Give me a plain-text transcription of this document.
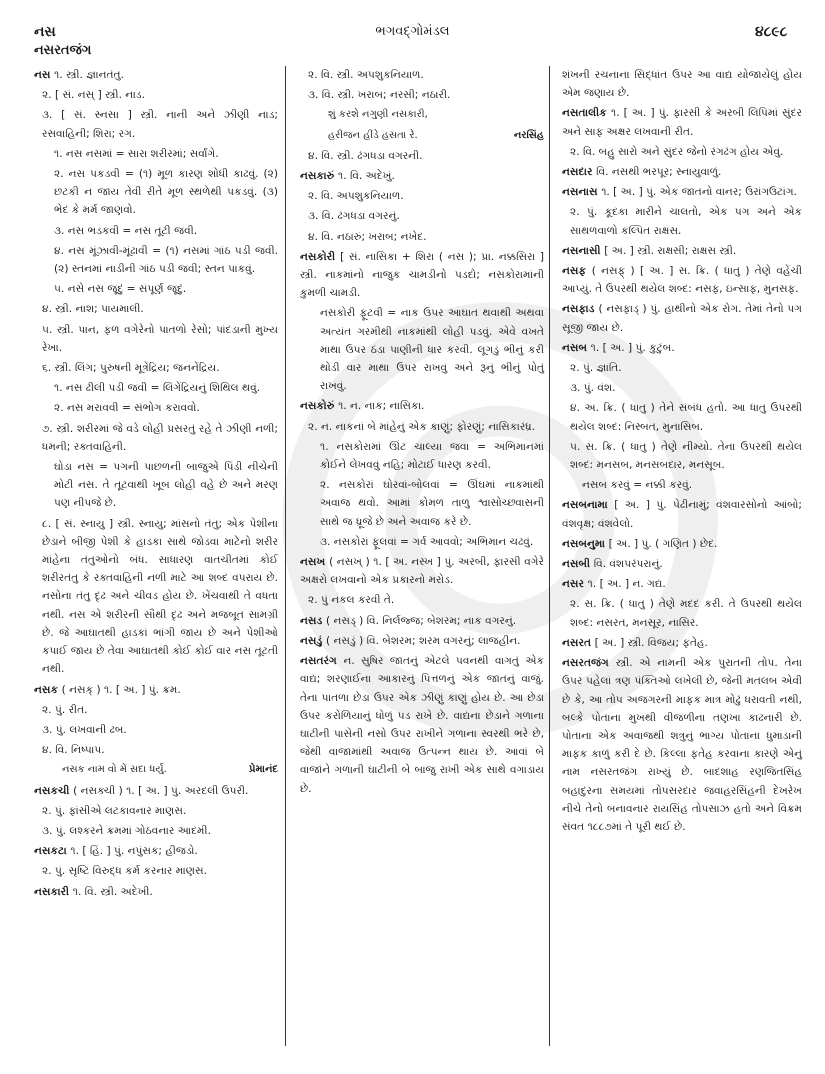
નસ	ભગવદ્ગોમંડલ	૪૮૯૮
નસરતજંગ
નસ ૧. સ્ત્રી. જ્ઞાનતંતુ.
૨. [ સં. નસ્ ] સ્ત્રી. નાડ.
૩. [ સં. સ્નસા ] સ્ત્રી. નાની અને ઝીણી નાડ; રસવાહિની; શિરા; રગ.
૧. નસ નસમાં = સારા શરીરમાં; સર્વાંગે.
૨. નસ પકડવી = (૧) મૂળ કારણ શોધી કાઢવું. (૨) છટકી ન જાય તેવી રીતે મૂળ સ્થળેથી પકડવું. (૩) ભેદ કે મર્મ જાણવો.
૩. નસ ભડકવી = નસ તૂટી જવી.
૪. નસ મૂંઝાવી-મૂંઢાવી = (૧) નસમાં ગાંઠ પડી જવી. (૨) સ્તનમાં નાડીની ગાંઠ પડી જવી; સ્તન પાકવું.
૫. નસે નસ જૂદું = સંપૂર્ણ જૂદું.
૪. સ્ત્રી. નાશ; પાયમાલી.
૫. સ્ત્રી. પાન, ફળ વગેરેનો પાતળો રેસો; પાંદડાની મુખ્ય રેખા.
૬. સ્ત્રી. લિંગ; પુરુષની મૂત્રેંદ્રિય; જનનેંદ્રિય.
૧. નસ ઢીલી પડી જવી = લિંગેંદ્રિયનું શિથિલ થવું.
૨. નસ મરાવવી = સંભોગ કરાવવો.
૭. સ્ત્રી. શરીરમાં જે વડે લોહી પ્રસરતું રહે તે ઝીણી નળી; ધમની; રક્તવાહિની.
ઘોડા નસ = પગની પાછળની બાજુએ પિંડી નીચેની મોટી નસ. તે તૂટવાથી ખૂબ લોહી વહે છે અને મરણ પણ નીપજે છે.
૮. [ સં. સ્નાયુ ] સ્ત્રી. સ્નાયુ; માંસનો તંતુ; એક પેશીના છેડાને બીજી પેશી કે હાડકા સાથે જોડવા માટેનો શરીર માંહેના તંતુઓનો બંધ. સાધારણ વાતચીતમાં કોઈ શરીરતંતુ કે રક્તવાહિની નળી માટે આ શબ્દ વપરાય છે. નસોના તંતુ દૃઢ અને ચીવડ હોય છે. ખેંચવાથી તે વધતા નથી. નસ એ શરીરની સૌથી દૃઢ અને મજબૂત સામગ્રી છે. જે આઘાતથી હાડકાં ભાંગી જાય છે અને પેશીઓ કપાઈ જાય છે તેવા આઘાતથી કોઈ કોઈ વાર નસ તૂટતી નથી.
નસક ( નસક્ ) ૧. [ અ. ] પું. ક્રમ.
૨. પું. રીત.
૩. પું. લખવાની ઢબ.
૪. વિ. નિષ્પાપ.
નસક નામ વો મેં સદા ધર્યું.	પ્રેમાનંદ
નસકચી ( નસક્ચી ) ૧. [ અ. ] પું. અરદલી ઉપરી.
૨. પું. ફાંસીએ લટકાવનાર માણસ.
૩. પું. લશ્કરને ક્રમમાં ગોઠવનાર આદમી.
નસકટા ૧. [ હિં. ] પું. નપુંસક; હીજડો.
૨. પું. સૃષ્ટિ વિરુદ્ધ કર્મ કરનાર માણસ.
નસકારી ૧. વિ. સ્ત્રી. અદેખી.
૨. વિ. સ્ત્રી. અપશુકનિયાળ.
૩. વિ. સ્ત્રી. ખરાબ; નરસી; નઠારી.
શું કરશે નગુણી નસકારી,
હરીજન હીંડે હસતા રે.	નરસિંહ
૪. વિ. સ્ત્રી. ઢંગધડા વગરની.
નસકારું ૧. વિ. અદેખું.
૨. વિ. અપશુકનિયાળ.
૩. વિ. ઢંગધડા વગરનું.
૪. વિ. નઠારું; ખરાબ; નખેદ.
નસકોરી [ સં. નાસિકા + શિરા ( નસ ); પ્રા. નક્કસિરા ] સ્ત્રી. નાકમાંનો નાજુક ચામડીનો પડદો; નસકોરામાંની કુમળી ચામડી.
નસકોરી ફૂટવી = નાક ઉપર આઘાત થવાથી અથવા અત્યંત ગરમીથી નાકમાંથી લોહી પડવું. એવે વખતે માથા ઉપર ઠંડા પાણીની ધાર કરવી. લૂગડું ભીનું કરી થોડી વાર માથા ઉપર રાખવું અને રૂનું ભીનું પોતું રાખવું.
નસકોરું ૧. ન. નાક; નાસિકા.
૨. ન. નાકનાં બે માંહેનું એક કાણું; ફોરણું; નાસિકારંધ્ર.
૧. નસકોરામાં ઊંટ ચાલ્યા જવા = અભિમાનમાં કોઈને લેખવવું નહિ; મોટાઈ ધારણ કરવી.
૨. નસકોરાં ઘોરવાં-બોલવાં = ઊંઘમાં નાકમાંથી અવાજ થવો. આમાં કોમળ તાળુ શ્વાસોચ્છ્વાસની સાથે જ ધ્રૂજે છે અને અવાજ કરે છે.
૩. નસકોરાં ફૂલવાં = ગર્વ આવવો; અભિમાન ચઢવું.
નસખ ( નસખ્ ) ૧. [ અ. નસ્ખ ] પું. અરબી, ફારસી વગેરે અક્ષરો લખવાનો એક પ્રકારનો મરોડ.
૨. પું નકલ કરવી તે.
નસડ ( નસડ્ ) વિ. નિર્લજ્જ; બેશરમ; નાક વગરનું.
નસડું ( નસડું ) વિ. બેશરમ; શરમ વગરનું; લાજહીન.
નસતરંગ ન. સુષિર જાતનું એટલે પવનથી વાગતું એક વાદ્ય; શરણાઈના આકારનું પિત્તળનું એક જાતનું વાજું. તેના પાતળા છેડા ઉપર એક ઝીણું કાણું હોય છે. આ છેડા ઉપર કરોળિયાનું ધોળું પડ રાખે છે. વાદ્યના છેડાને ગળાના ઘાટીની પાસેની નસો ઉપર રાખીને ગળાના સ્વરથી ભરે છે, જેથી વાજામાંથી અવાજ ઉત્પન્ન થાય છે. આવાં બે વાજાંને ગળાની ઘાટીની બે બાજુ રાખી એક સાથે વગાડાય છે.
શંખની રચનાના સિદ્ધાંત ઉપર આ વાદ્ય યોજાયેલું હોય એમ જણાય છે.
નસતાલીક ૧. [ અ. ] પું. ફારસી કે અરબી લિપિમાં સુંદર અને સાફ અક્ષર લખવાની રીત.
૨. વિ. બહુ સારો અને સુંદર જેનો રંગઢંગ હોય એવું.
નસદાર વિ. નસથી ભરપૂર; સ્નાયુવાળું.
નસનાસ ૧. [ અ. ] પું. એક જાતનો વાનર; ઉરાંગઉટાંગ.
૨. પું. કૂદકા મારીને ચાલતો, એક પગ અને એક સાથળવાળો કલ્પિત રાક્ષસ.
નસનાસી [ અ. ] સ્ત્રી. રાક્ષસી; રાક્ષસ સ્ત્રી.
નસફ ( નસફ્ ) [ અ. ] સ. ક્રિ. ( ધાતુ ) તેણે વહેંચી આપ્યું. તે ઉપરથી થયેલ શબ્દ: નસફ, ઇન્સાફ, મુનસફ.
નસફાડ ( નસફાડ્ ) પું. હાથીનો એક રોગ. તેમાં તેનો પગ સૂજી જાય છે.
નસબ ૧. [ અ. ] પું. કુટુંબ.
૨. પું. જ્ઞાતિ.
૩. પું. વંશ.
૪. અ. ક્રિ. ( ધાતુ ) તેને સંબંધ હતો. આ ધાતુ ઉપરથી થયેલ શબ્દ: નિસ્બત, મુનાસિબ.
૫. સ. ક્રિ. ( ધાતુ ) તેણે નીમ્યો. તેના ઉપરથી થયેલ શબ્દ: મનસબ, મનસબદાર, મનસૂબ.
નસબ કરવું = નક્કી કરવું.
નસબનામા [ અ. ] પું. પેઢીનામું; વંશવારસોનો આંબો; વંશવૃક્ષ; વંશવેલો.
નસબનુમા [ અ. ] પું. ( ગણિત ) છેદ.
નસબી વિ. વંશપરંપરાનું.
નસર ૧. [ અ. ] ન. ગદ્ય.
૨. સ. ક્રિ. ( ધાતુ ) તેણે મદદ કરી. તે ઉપરથી થયેલ શબ્દ: નસરત, મનસૂર, નાસિર.
નસરત [ અ. ] સ્ત્રી. વિજય; ફતેહ.
નસરતજંગ સ્ત્રી. એ નામની એક પુરાતની તોપ. તેના ઉપર પહેલાં ત્રણ પંક્તિઓ લખેલી છે, જેની મતલબ એવી છે કે, આ તોપ અજગરની માફક માત્ર મોઢું ધરાવતી નથી, બલ્કે પોતાના મુખથી વીજળીના તણખા કાઢનારી છે. પોતાના એક અવાજથી શત્રુનું ભાગ્ય પોતાના ધુમાડાની માફક કાળું કરી દે છે. કિલ્લા ફતેહ કરવાના કારણે એનું નામ નસરતજંગ રાખ્યું છે. બાદશાહ રણજિતસિંહ બહાદુરના સમયમાં તોપસરદાર જવાહરસિંહની દેખરેખ નીચે તેનો બનાવનાર રાયસિંહ તોપસાઝ હતો અને વિક્રમ સંવત ૧૮૮૭માં તે પૂરી થઈ છે.
